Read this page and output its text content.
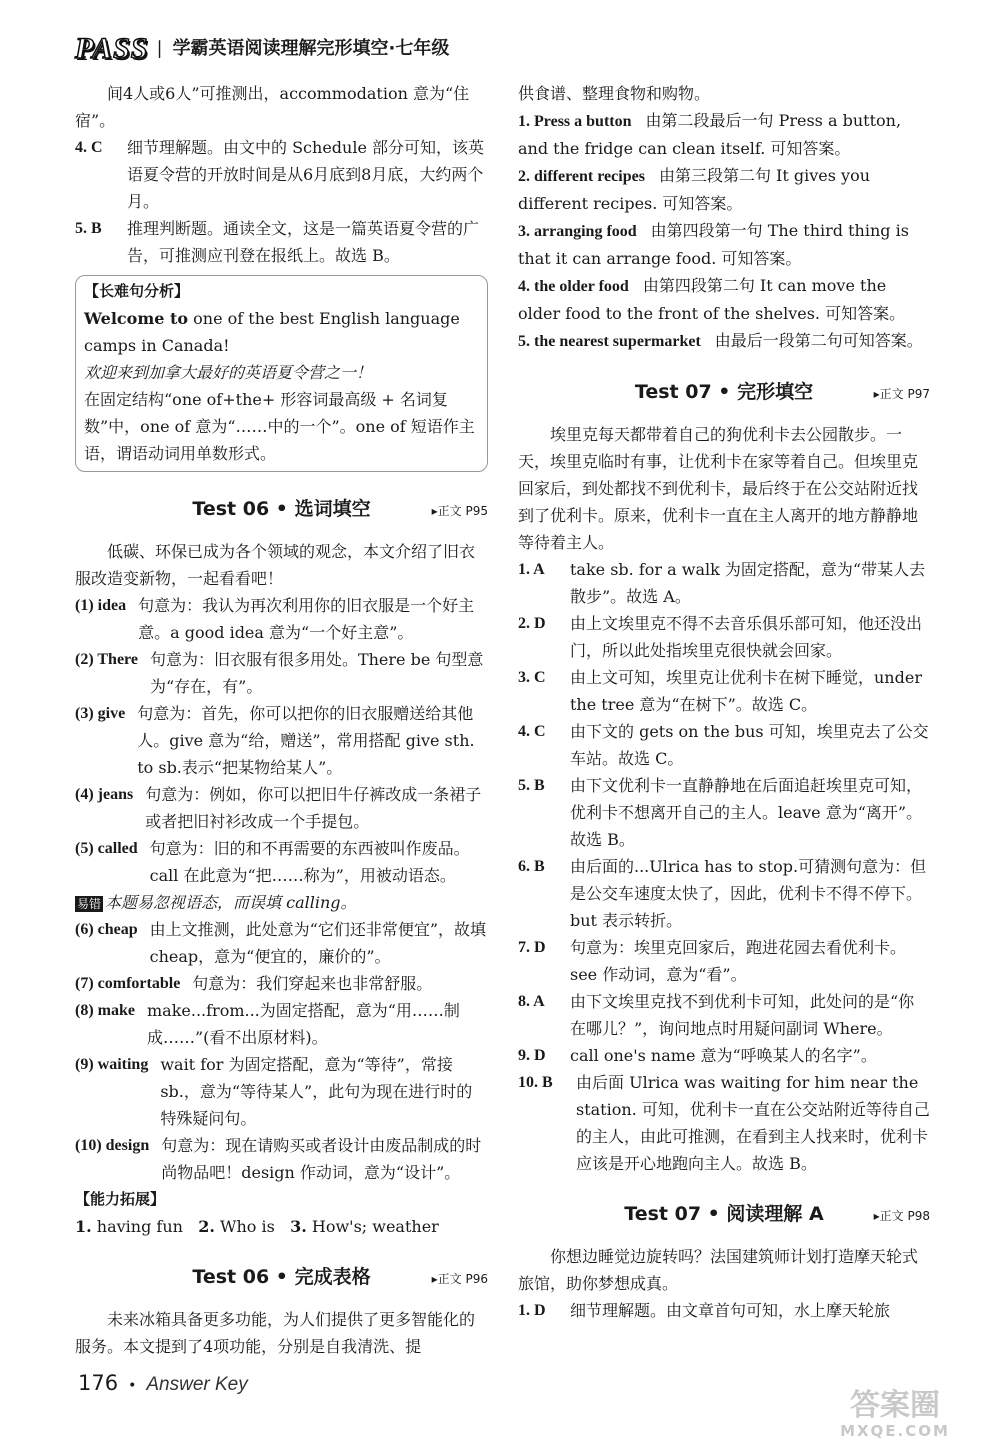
PASS | 学霸英语阅读理解完形填空·七年级
间4人或6人”可推测出，accommodation 意为“住宿”。
4. C	细节理解题。由文中的 Schedule 部分可知，该英语夏令营的开放时间是从6月底到8月底，大约两个月。
5. B	推理判断题。通读全文，这是一篇英语夏令营的广告，可推测应刊登在报纸上。故选 B。
【长难句分析】
Welcome to one of the best English language camps in Canada!
欢迎来到加拿大最好的英语夏令营之一！
在固定结构“one of+the+ 形容词最高级 + 名词复数”中，one of 意为“……中的一个”。one of 短语作主语，谓语动词用单数形式。
Test 06 • 选词填空	▸正文 P95
低碳、环保已成为各个领域的观念，本文介绍了旧衣服改造变新物，一起看看吧！
(1) idea 句意为：我认为再次利用你的旧衣服是一个好主意。a good idea 意为“一个好主意”。
(2) There 句意为：旧衣服有很多用处。There be 句型意为“存在，有”。
(3) give 句意为：首先，你可以把你的旧衣服赠送给其他人。give 意为“给，赠送”，常用搭配 give sth. to sb.表示“把某物给某人”。
(4) jeans 句意为：例如，你可以把旧牛仔裤改成一条裙子或者把旧衬衫改成一个手提包。
(5) called 句意为：旧的和不再需要的东西被叫作废品。call 在此意为“把……称为”，用被动语态。
易错 本题易忽视语态，而误填 calling。
(6) cheap 由上文推测，此处意为“它们还非常便宜”，故填 cheap，意为“便宜的，廉价的”。
(7) comfortable 句意为：我们穿起来也非常舒服。
(8) make make...from...为固定搭配，意为“用……制成……”(看不出原材料)。
(9) waiting wait for 为固定搭配，意为“等待”，常接sb.，意为“等待某人”，此句为现在进行时的特殊疑问句。
(10) design 句意为：现在请购买或者设计由废品制成的时尚物品吧！design 作动词，意为“设计”。
【能力拓展】
1. having fun 2. Who is 3. How's; weather
Test 06 • 完成表格	▸正文 P96
未来冰箱具备更多功能，为人们提供了更多智能化的服务。本文提到了4项功能，分别是自我清洗、提
供食谱、整理食物和购物。
1. Press a button 由第二段最后一句 Press a button, and the fridge can clean itself. 可知答案。
2. different recipes 由第三段第二句 It gives you different recipes. 可知答案。
3. arranging food 由第四段第一句 The third thing is that it can arrange food. 可知答案。
4. the older food 由第四段第二句 It can move the older food to the front of the shelves. 可知答案。
5. the nearest supermarket 由最后一段第二句可知答案。
Test 07 • 完形填空	▸正文 P97
埃里克每天都带着自己的狗优利卡去公园散步。一天，埃里克临时有事，让优利卡在家等着自己。但埃里克回家后，到处都找不到优利卡，最后终于在公交站附近找到了优利卡。原来，优利卡一直在主人离开的地方静静地等待着主人。
1. A	take sb. for a walk 为固定搭配，意为“带某人去散步”。故选 A。
2. D	由上文埃里克不得不去音乐俱乐部可知，他还没出门，所以此处指埃里克很快就会回家。
3. C	由上文可知，埃里克让优利卡在树下睡觉，under the tree 意为“在树下”。故选 C。
4. C	由下文的 gets on the bus 可知，埃里克去了公交车站。故选 C。
5. B	由下文优利卡一直静静地在后面追赶埃里克可知，优利卡不想离开自己的主人。leave 意为“离开”。故选 B。
6. B	由后面的...Ulrica has to stop.可猜测句意为：但是公交车速度太快了，因此，优利卡不得不停下。but 表示转折。
7. D	句意为：埃里克回家后，跑进花园去看优利卡。see 作动词，意为“看”。
8. A	由下文埃里克找不到优利卡可知，此处问的是“你在哪儿？”，询问地点时用疑问副词 Where。
9. D	call one's name 意为“呼唤某人的名字”。
10. B	由后面 Ulrica was waiting for him near the station. 可知，优利卡一直在公交站附近等待自己的主人，由此可推测，在看到主人找来时，优利卡应该是开心地跑向主人。故选 B。
Test 07 • 阅读理解 A	▸正文 P98
你想边睡觉边旋转吗？法国建筑师计划打造摩天轮式旅馆，助你梦想成真。
1. D	细节理解题。由文章首句可知，水上摩天轮旅
176 • Answer Key
答案圈
MXQE.COM
